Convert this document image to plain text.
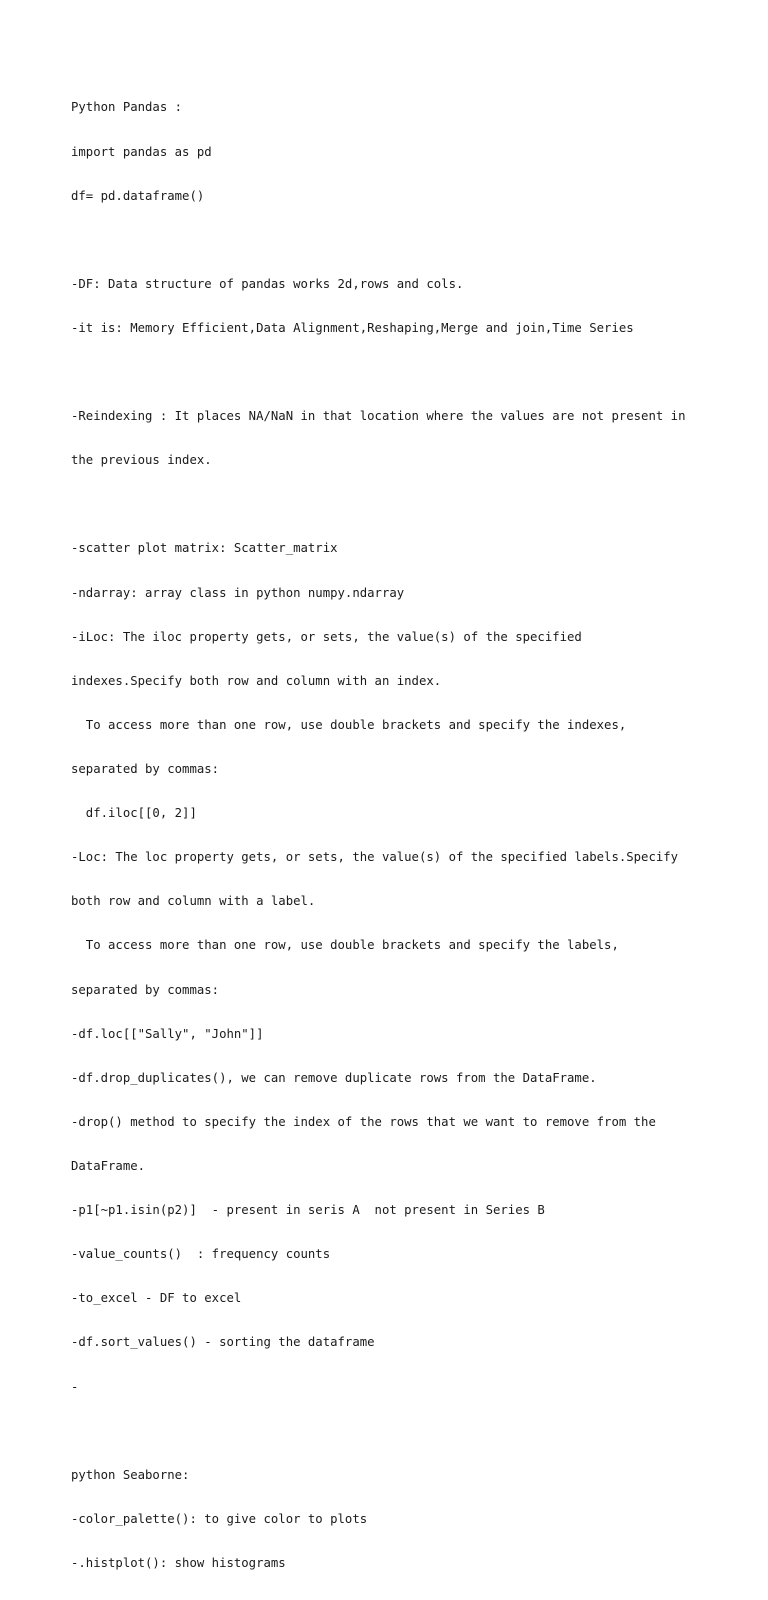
Python Pandas :

import pandas as pd

df= pd.dataframe()

-DF: Data structure of pandas works 2d,rows and cols.

-it is: Memory Efficient,Data Alignment,Reshaping,Merge and join,Time Series

-Reindexing : It places NA/NaN in that location where the values are not present in

the previous index.

-scatter plot matrix: Scatter_matrix

-ndarray: array class in python numpy.ndarray

-iLoc: The iloc property gets, or sets, the value(s) of the specified

indexes.Specify both row and column with an index.

To access more than one row, use double brackets and specify the indexes,

separated by commas:

df.iloc[[0, 2]]

-Loc: The loc property gets, or sets, the value(s) of the specified labels.Specify

both row and column with a label.

To access more than one row, use double brackets and specify the labels,

separated by commas:

-df.loc[["Sally", "John"]]

-df.drop_duplicates(), we can remove duplicate rows from the DataFrame.

-drop() method to specify the index of the rows that we want to remove from the

DataFrame.

-p1[~p1.isin(p2)]  - present in seris A  not present in Series B

-value_counts()  : frequency counts

-to_excel - DF to excel

-df.sort_values() - sorting the dataframe

-

python Seaborne:

-color_palette(): to give color to plots

-.histplot(): show histograms
